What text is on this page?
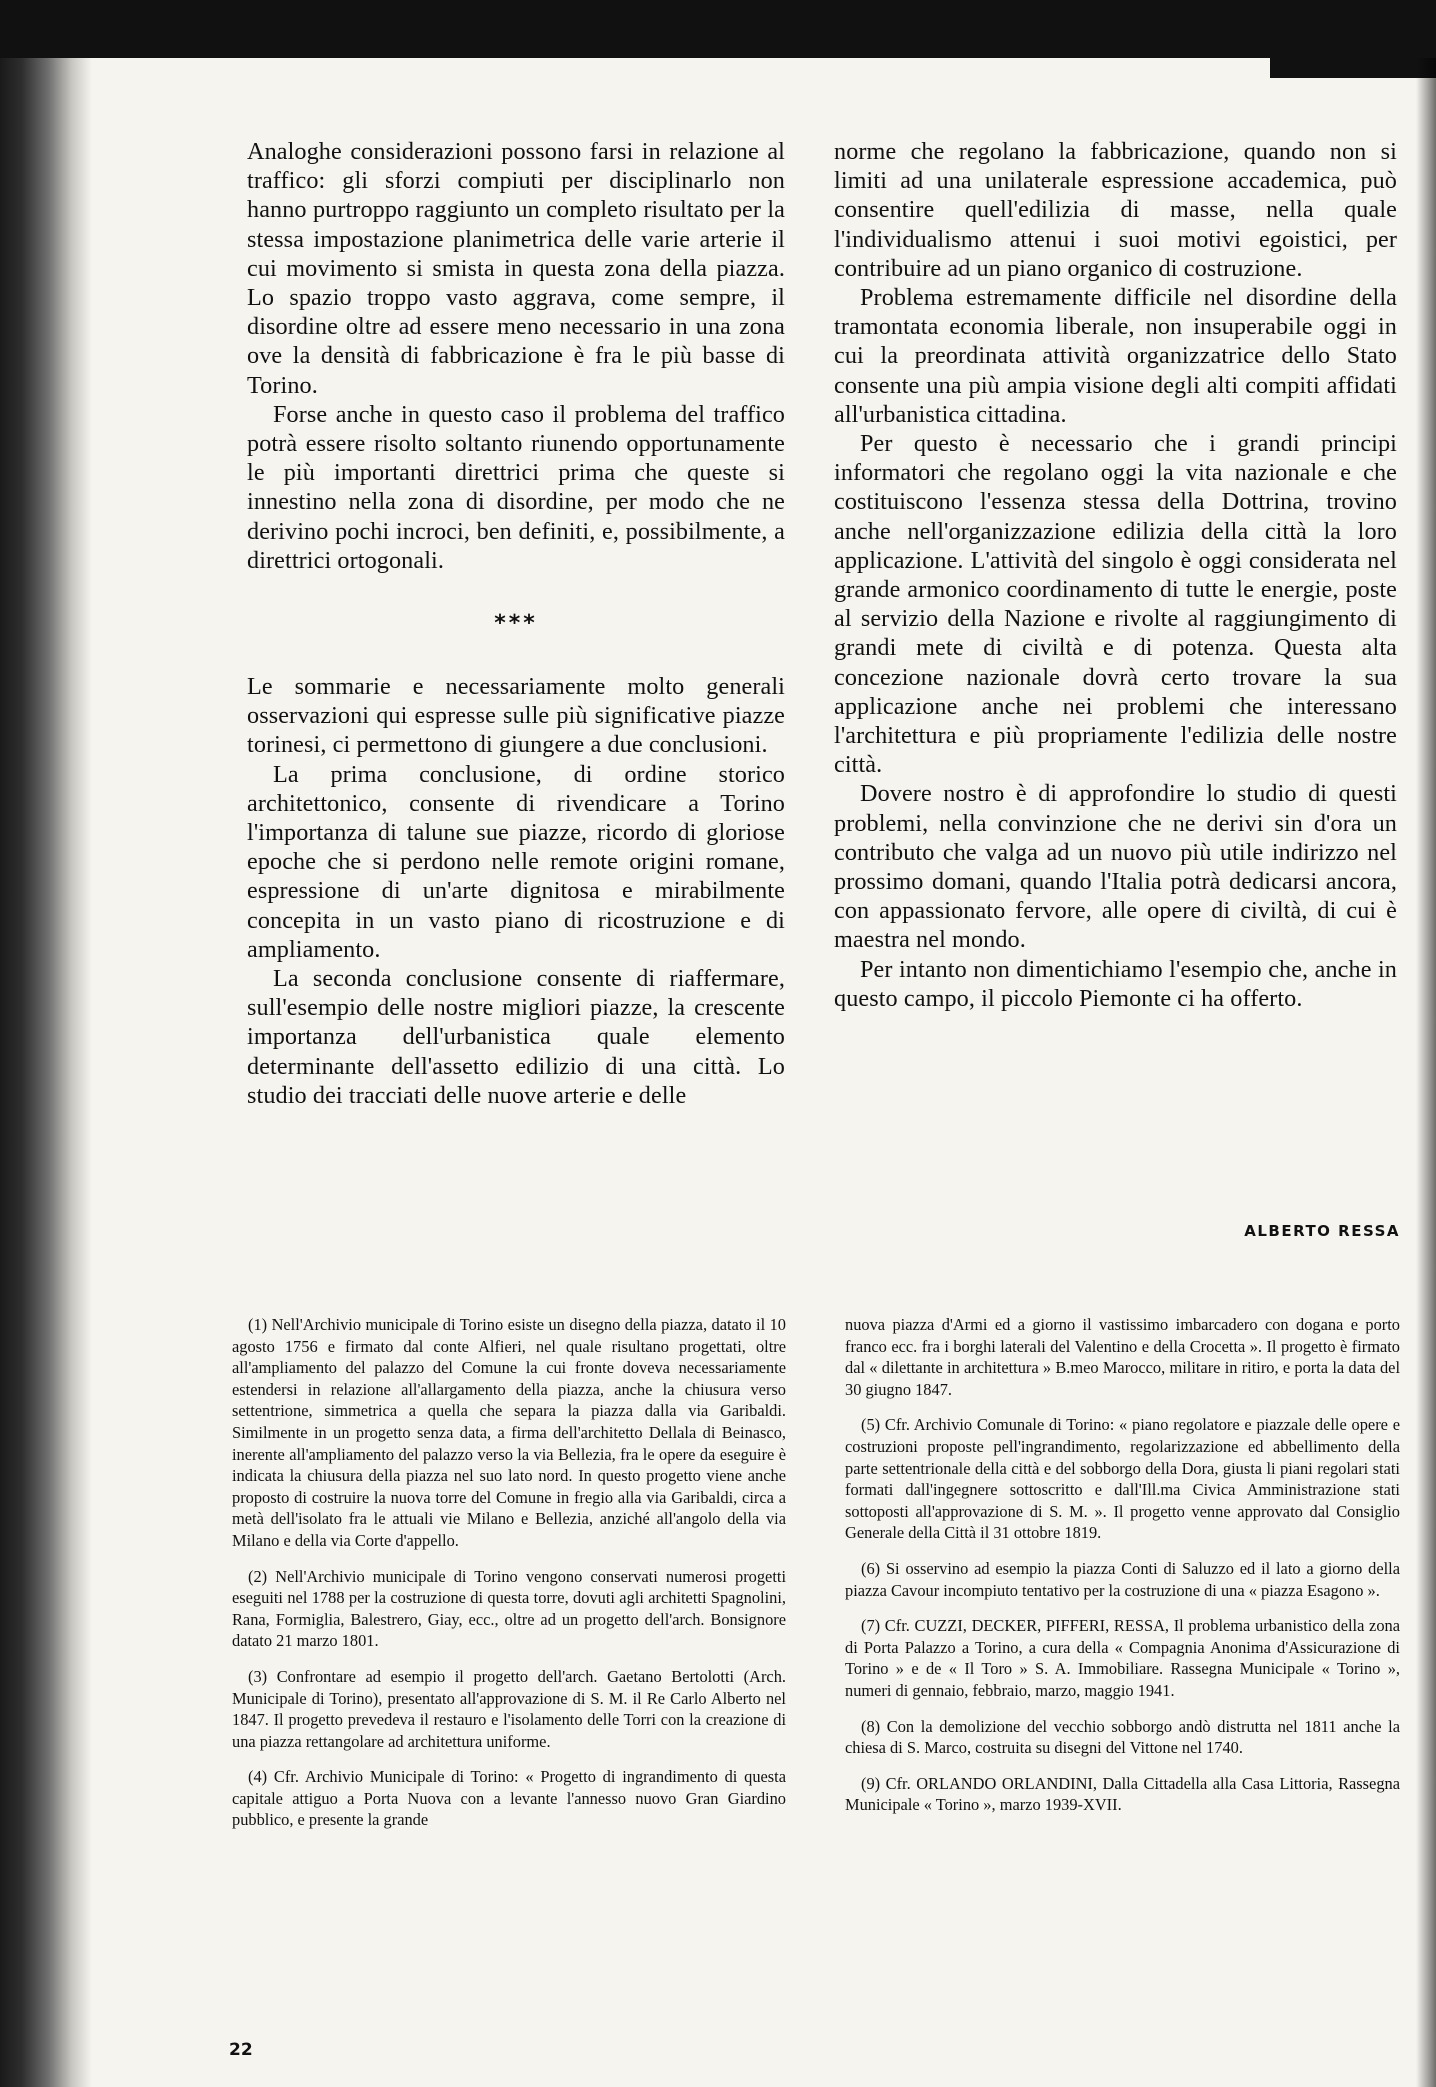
Analoghe considerazioni possono farsi in relazione al traffico: gli sforzi compiuti per disciplinarlo non hanno purtroppo raggiunto un completo risultato per la stessa impostazione planimetrica delle varie arterie il cui movimento si smista in questa zona della piazza. Lo spazio troppo vasto aggrava, come sempre, il disordine oltre ad essere meno necessario in una zona ove la densità di fabbricazione è fra le più basse di Torino.

Forse anche in questo caso il problema del traffico potrà essere risolto soltanto riunendo opportunamente le più importanti direttrici prima che queste si innestino nella zona di disordine, per modo che ne derivino pochi incroci, ben definiti, e, possibilmente, a direttrici ortogonali.

***

Le sommarie e necessariamente molto generali osservazioni qui espresse sulle più significative piazze torinesi, ci permettono di giungere a due conclusioni.

La prima conclusione, di ordine storico architettonico, consente di rivendicare a Torino l'importanza di talune sue piazze, ricordo di gloriose epoche che si perdono nelle remote origini romane, espressione di un'arte dignitosa e mirabilmente concepita in un vasto piano di ricostruzione e di ampliamento.

La seconda conclusione consente di riaffermare, sull'esempio delle nostre migliori piazze, la crescente importanza dell'urbanistica quale elemento determinante dell'assetto edilizio di una città. Lo studio dei tracciati delle nuove arterie e delle

norme che regolano la fabbricazione, quando non si limiti ad una unilaterale espressione accademica, può consentire quell'edilizia di masse, nella quale l'individualismo attenui i suoi motivi egoistici, per contribuire ad un piano organico di costruzione.

Problema estremamente difficile nel disordine della tramontata economia liberale, non insuperabile oggi in cui la preordinata attività organizzatrice dello Stato consente una più ampia visione degli alti compiti affidati all'urbanistica cittadina.

Per questo è necessario che i grandi principi informatori che regolano oggi la vita nazionale e che costituiscono l'essenza stessa della Dottrina, trovino anche nell'organizzazione edilizia della città la loro applicazione. L'attività del singolo è oggi considerata nel grande armonico coordinamento di tutte le energie, poste al servizio della Nazione e rivolte al raggiungimento di grandi mete di civiltà e di potenza. Questa alta concezione nazionale dovrà certo trovare la sua applicazione anche nei problemi che interessano l'architettura e più propriamente l'edilizia delle nostre città.

Dovere nostro è di approfondire lo studio di questi problemi, nella convinzione che ne derivi sin d'ora un contributo che valga ad un nuovo più utile indirizzo nel prossimo domani, quando l'Italia potrà dedicarsi ancora, con appassionato fervore, alle opere di civiltà, di cui è maestra nel mondo.

Per intanto non dimentichiamo l'esempio che, anche in questo campo, il piccolo Piemonte ci ha offerto.

ALBERTO RESSA

(1) Nell'Archivio municipale di Torino esiste un disegno della piazza, datato il 10 agosto 1756 e firmato dal conte Alfieri, nel quale risultano progettati, oltre all'ampliamento del palazzo del Comune la cui fronte doveva necessariamente estendersi in relazione all'allargamento della piazza, anche la chiusura verso settentrione, simmetrica a quella che separa la piazza dalla via Garibaldi. Similmente in un progetto senza data, a firma dell'architetto Dellala di Beinasco, inerente all'ampliamento del palazzo verso la via Bellezia, fra le opere da eseguire è indicata la chiusura della piazza nel suo lato nord. In questo progetto viene anche proposto di costruire la nuova torre del Comune in fregio alla via Garibaldi, circa a metà dell'isolato fra le attuali vie Milano e Bellezia, anziché all'angolo della via Milano e della via Corte d'appello.

(2) Nell'Archivio municipale di Torino vengono conservati numerosi progetti eseguiti nel 1788 per la costruzione di questa torre, dovuti agli architetti Spagnolini, Rana, Formiglia, Balestrero, Giay, ecc., oltre ad un progetto dell'arch. Bonsignore datato 21 marzo 1801.

(3) Confrontare ad esempio il progetto dell'arch. Gaetano Bertolotti (Arch. Municipale di Torino), presentato all'approvazione di S. M. il Re Carlo Alberto nel 1847. Il progetto prevedeva il restauro e l'isolamento delle Torri con la creazione di una piazza rettangolare ad architettura uniforme.

(4) Cfr. Archivio Municipale di Torino: « Progetto di ingrandimento di questa capitale attiguo a Porta Nuova con a levante l'annesso nuovo Gran Giardino pubblico, e presente la grande

nuova piazza d'Armi ed a giorno il vastissimo imbarcadero con dogana e porto franco ecc. fra i borghi laterali del Valentino e della Crocetta ». Il progetto è firmato dal « dilettante in architettura » B.meo Marocco, militare in ritiro, e porta la data del 30 giugno 1847.

(5) Cfr. Archivio Comunale di Torino: « piano regolatore e piazzale delle opere e costruzioni proposte pell'ingrandimento, regolarizzazione ed abbellimento della parte settentrionale della città e del sobborgo della Dora, giusta li piani regolari stati formati dall'ingegnere sottoscritto e dall'Ill.ma Civica Amministrazione stati sottoposti all'approvazione di S. M. ». Il progetto venne approvato dal Consiglio Generale della Città il 31 ottobre 1819.

(6) Si osservino ad esempio la piazza Conti di Saluzzo ed il lato a giorno della piazza Cavour incompiuto tentativo per la costruzione di una « piazza Esagono ».

(7) Cfr. CUZZI, DECKER, PIFFERI, RESSA, Il problema urbanistico della zona di Porta Palazzo a Torino, a cura della « Compagnia Anonima d'Assicurazione di Torino » e de « Il Toro » S. A. Immobiliare. Rassegna Municipale « Torino », numeri di gennaio, febbraio, marzo, maggio 1941.

(8) Con la demolizione del vecchio sobborgo andò distrutta nel 1811 anche la chiesa di S. Marco, costruita su disegni del Vittone nel 1740.

(9) Cfr. ORLANDO ORLANDINI, Dalla Cittadella alla Casa Littoria, Rassegna Municipale « Torino », marzo 1939-XVII.

22
